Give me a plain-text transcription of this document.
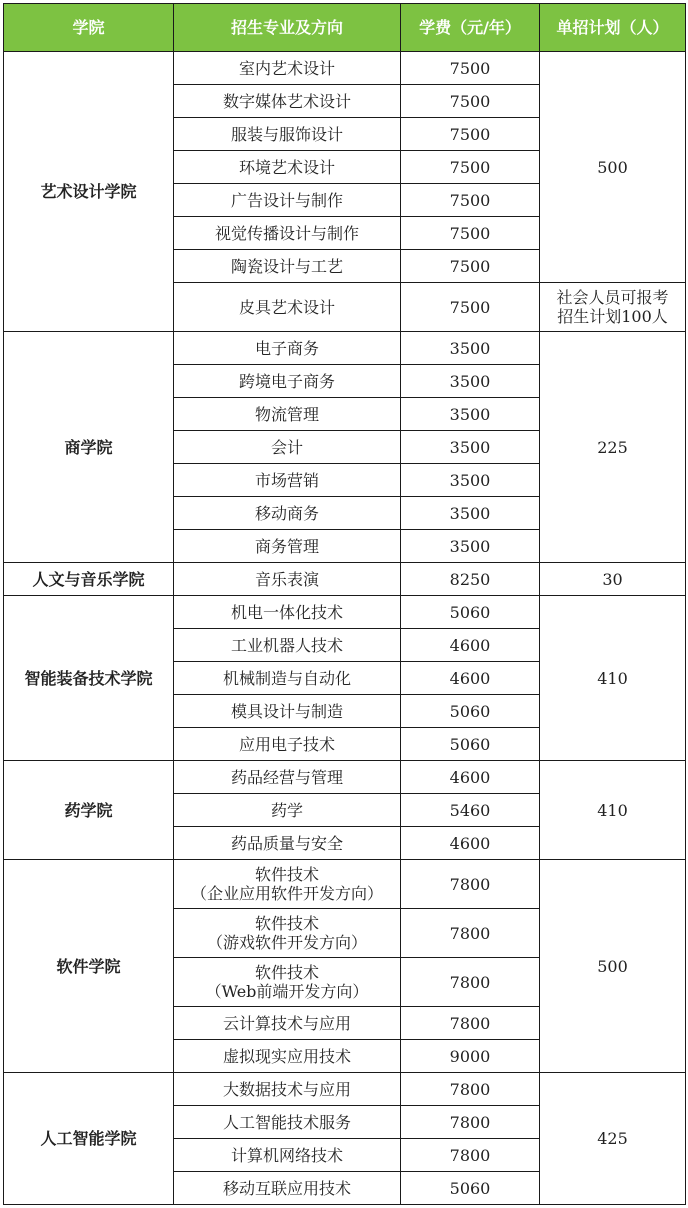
学院	招生专业及方向	学费（元/年）	单招计划（人）
艺术设计学院	室内艺术设计	7500	500

	数字媒体艺术设计	7500	

	服装与服饰设计	7500	

	环境艺术设计	7500	

	广告设计与制作	7500	

	视觉传播设计与制作	7500	

	陶瓷设计与工艺	7500	

	皮具艺术设计	7500	社会人员可报考
招生计划100人

商学院	电子商务	3500	225

	跨境电子商务	3500	

	物流管理	3500	

	会计	3500	

	市场营销	3500	

	移动商务	3500	

	商务管理	3500	
人文与音乐学院	音乐表演	8250	30
智能装备技术学院	机电一体化技术	5060	410

	工业机器人技术	4600	

	机械制造与自动化	4600	

	模具设计与制造	5060	

	应用电子技术	5060	
药学院	药品经营与管理	4600	410

	药学	5460	

	药品质量与安全	4600	
软件学院	软件技术
（企业应用软件开发方向）	7800	500

	软件技术
（游戏软件开发方向）	7800	

	软件技术
（Web前端开发方向）	7800	

	云计算技术与应用	7800	

	虚拟现实应用技术	9000	
人工智能学院	大数据技术与应用	7800	425

	人工智能技术服务	7800	

	计算机网络技术	7800	

	移动互联应用技术	5060	
